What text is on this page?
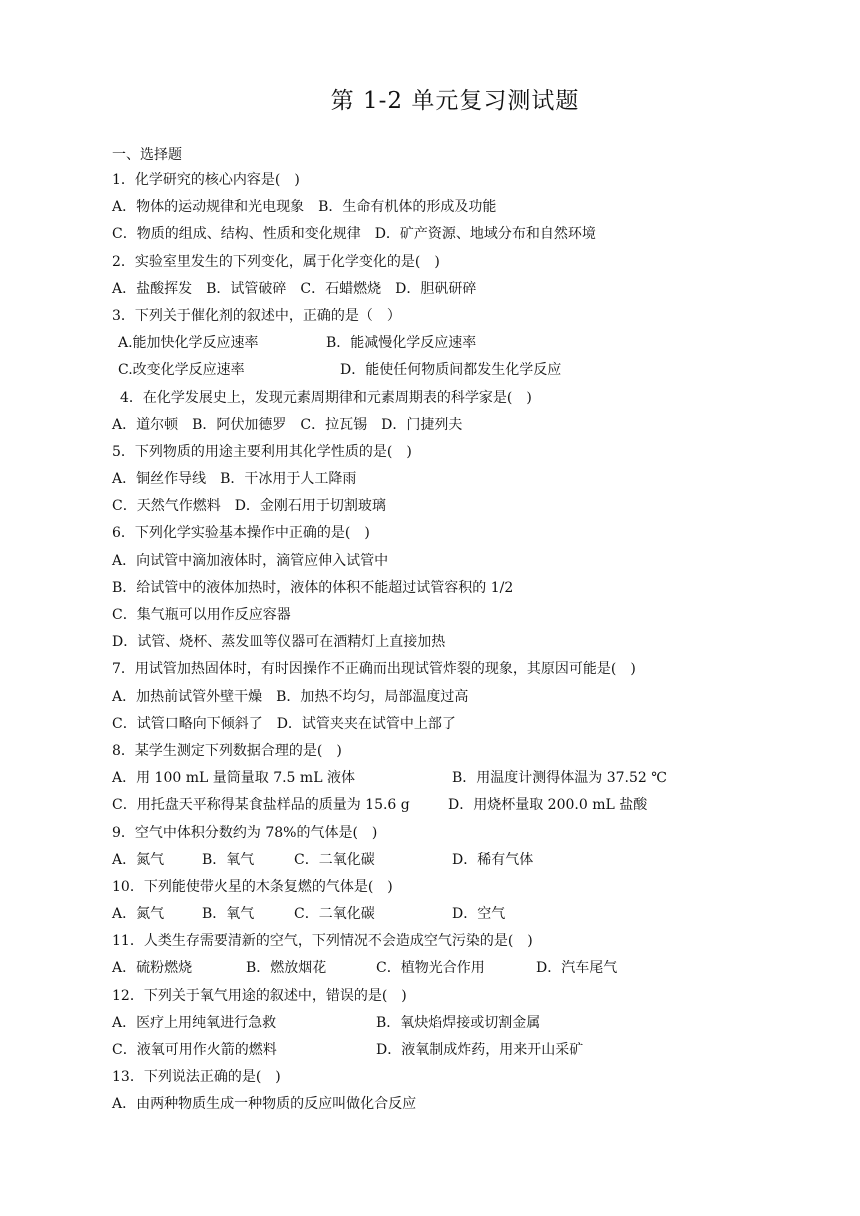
第 1-2 单元复习测试题
一、选择题
1．化学研究的核心内容是(　)
A．物体的运动规律和光电现象　B．生命有机体的形成及功能
C．物质的组成、结构、性质和变化规律　D．矿产资源、地域分布和自然环境
2．实验室里发生的下列变化，属于化学变化的是(　)
A．盐酸挥发　B．试管破碎　C．石蜡燃烧　D．胆矾研碎
3．下列关于催化剂的叙述中，正确的是（　）
A.能加快化学反应速率	B．能减慢化学反应速率
C.改变化学反应速率	D．能使任何物质间都发生化学反应
4．在化学发展史上，发现元素周期律和元素周期表的科学家是(　)
A．道尔顿　B．阿伏加德罗　C．拉瓦锡　D．门捷列夫
5．下列物质的用途主要利用其化学性质的是(　)
A．铜丝作导线　B．干冰用于人工降雨
C．天然气作燃料　D．金刚石用于切割玻璃
6．下列化学实验基本操作中正确的是(　)
A．向试管中滴加液体时，滴管应伸入试管中
B．给试管中的液体加热时，液体的体积不能超过试管容积的 1/2
C．集气瓶可以用作反应容器
D．试管、烧杯、蒸发皿等仪器可在酒精灯上直接加热
7．用试管加热固体时，有时因操作不正确而出现试管炸裂的现象，其原因可能是(　)
A．加热前试管外壁干燥　B．加热不均匀，局部温度过高
C．试管口略向下倾斜了　D．试管夹夹在试管中上部了
8．某学生测定下列数据合理的是(　)
A．用 100 mL 量筒量取 7.5 mL 液体	B．用温度计测得体温为 37.52 ℃
C．用托盘天平称得某食盐样品的质量为 15.6 g	D．用烧杯量取 200.0 mL 盐酸
9．空气中体积分数约为 78%的气体是(　)
A．氮气	B．氧气	C．二氧化碳	D．稀有气体
10．下列能使带火星的木条复燃的气体是(　)
A．氮气	B．氧气	C．二氧化碳	D．空气
11．人类生存需要清新的空气，下列情况不会造成空气污染的是(　)
A．硫粉燃烧	B．燃放烟花	C．植物光合作用	D．汽车尾气
12．下列关于氧气用途的叙述中，错误的是(　)
A．医疗上用纯氧进行急救	B．氧炔焰焊接或切割金属
C．液氧可用作火箭的燃料	D．液氧制成炸药，用来开山采矿
13．下列说法正确的是(　)
A．由两种物质生成一种物质的反应叫做化合反应
